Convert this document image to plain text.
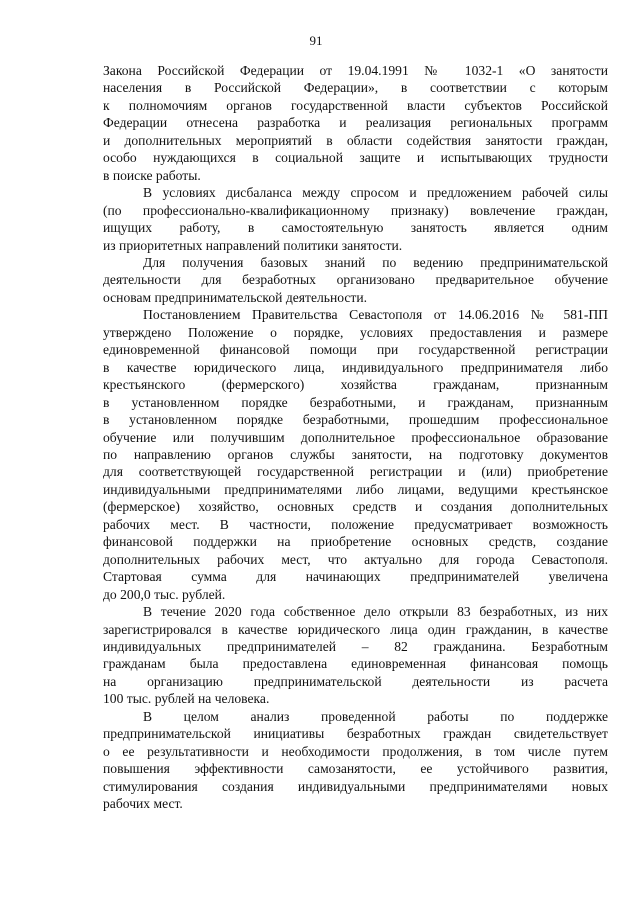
91

Закона Российской Федерации от 19.04.1991 № 1032-1 «О занятости
населения в Российской Федерации», в соответствии с которым
к полномочиям органов государственной власти субъектов Российской
Федерации отнесена разработка и реализация региональных программ
и дополнительных мероприятий в области содействия занятости граждан,
особо нуждающихся в социальной защите и испытывающих трудности
в поиске работы.

В условиях дисбаланса между спросом и предложением рабочей силы
(по профессионально-квалификационному признаку) вовлечение граждан,
ищущих работу, в самостоятельную занятость является одним
из приоритетных направлений политики занятости.

Для получения базовых знаний по ведению предпринимательской
деятельности для безработных организовано предварительное обучение
основам предпринимательской деятельности.

Постановлением Правительства Севастополя от 14.06.2016 № 581-ПП
утверждено Положение о порядке, условиях предоставления и размере
единовременной финансовой помощи при государственной регистрации
в качестве юридического лица, индивидуального предпринимателя либо
крестьянского (фермерского) хозяйства гражданам, признанным
в установленном порядке безработными, и гражданам, признанным
в установленном порядке безработными, прошедшим профессиональное
обучение или получившим дополнительное профессиональное образование
по направлению органов службы занятости, на подготовку документов
для соответствующей государственной регистрации и (или) приобретение
индивидуальными предпринимателями либо лицами, ведущими крестьянское
(фермерское) хозяйство, основных средств и создания дополнительных
рабочих мест. В частности, положение предусматривает возможность
финансовой поддержки на приобретение основных средств, создание
дополнительных рабочих мест, что актуально для города Севастополя.
Стартовая сумма для начинающих предпринимателей увеличена
до 200,0 тыс. рублей.

В течение 2020 года собственное дело открыли 83 безработных, из них
зарегистрировался в качестве юридического лица один гражданин, в качестве
индивидуальных предпринимателей – 82 гражданина. Безработным
гражданам была предоставлена единовременная финансовая помощь
на организацию предпринимательской деятельности из расчета
100 тыс. рублей на человека.

В целом анализ проведенной работы по поддержке
предпринимательской инициативы безработных граждан свидетельствует
о ее результативности и необходимости продолжения, в том числе путем
повышения эффективности самозанятости, ее устойчивого развития,
стимулирования создания индивидуальными предпринимателями новых
рабочих мест.
